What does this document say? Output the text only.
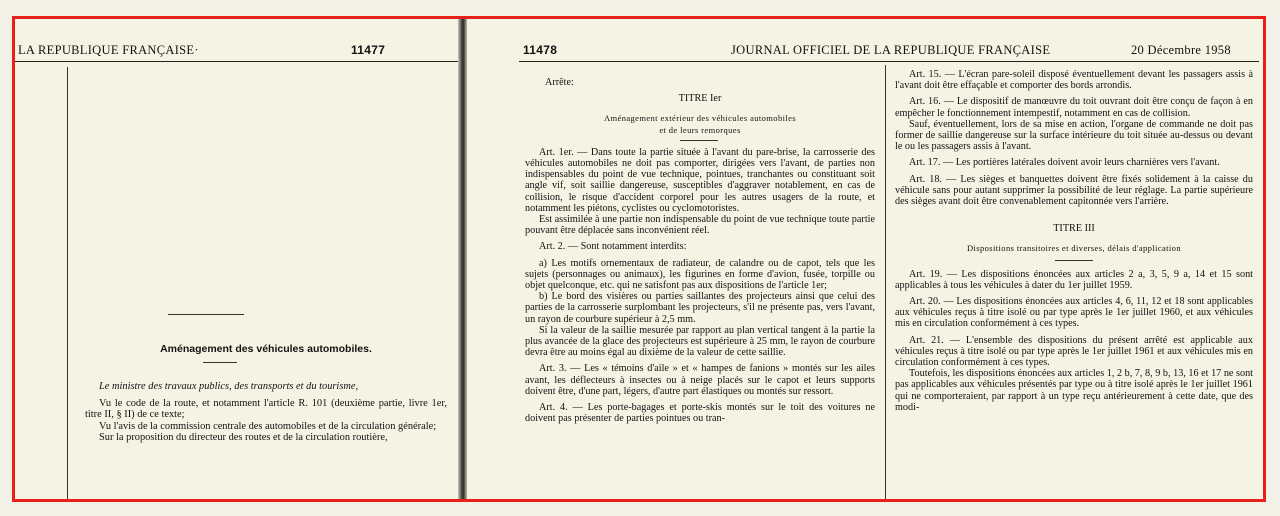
LA REPUBLIQUE FRANÇAISE·	11477
Aménagement des véhicules automobiles.

Le ministre des travaux publics, des transports et du tourisme,

Vu le code de la route, et notamment l'article R. 101 (deuxième partie, livre 1er, titre II, § II) de ce texte;

Vu l'avis de la commission centrale des automobiles et de la circulation générale;

Sur la proposition du directeur des routes et de la circulation routière,

11478	JOURNAL OFFICIEL DE LA REPUBLIQUE FRANÇAISE	20 Décembre 1958
Arrête:
TITRE Ier
Aménagement extérieur des véhicules automobiles
et de leurs remorques

Art. 1er. — Dans toute la partie située à l'avant du pare-brise, la carrosserie des véhicules automobiles ne doit pas comporter, dirigées vers l'avant, de parties non indispensables du point de vue technique, pointues, tranchantes ou constituant soit angle vif, soit saillie dangereuse, susceptibles d'aggraver notablement, en cas de collision, le risque d'accident corporel pour les autres usagers de la route, et notamment les piétons, cyclistes ou cyclomotoristes.

Est assimilée à une partie non indispensable du point de vue technique toute partie pouvant être déplacée sans inconvénient réel.

Art. 2. — Sont notamment interdits:

a) Les motifs ornementaux de radiateur, de calandre ou de capot, tels que les sujets (personnages ou animaux), les figurines en forme d'avion, fusée, torpille ou objet quelconque, etc. qui ne satisfont pas aux dispositions de l'article 1er;

b) Le bord des visières ou parties saillantes des projecteurs ainsi que celui des parties de la carrosserie surplombant les projecteurs, s'il ne présente pas, vers l'avant, un rayon de courbure supérieur à 2,5 mm.

Si la valeur de la saillie mesurée par rapport au plan vertical tangent à la partie la plus avancée de la glace des projecteurs est supérieure à 25 mm, le rayon de courbure devra être au moins égal au dixième de la valeur de cette saillie.

Art. 3. — Les « témoins d'aile » et « hampes de fanions » montés sur les ailes avant, les déflecteurs à insectes ou à neige placés sur le capot et leurs supports doivent être, d'une part, légers, d'autre part élastiques ou montés sur ressort.

Art. 4. — Les porte-bagages et porte-skis montés sur le toit des voitures ne doivent pas présenter de parties pointues ou tran-

Art. 15. — L'écran pare-soleil disposé éventuellement devant les passagers assis à l'avant doit être effaçable et comporter des bords arrondis.

Art. 16. — Le dispositif de manœuvre du toit ouvrant doit être conçu de façon à en empêcher le fonctionnement intempestif, notamment en cas de collision.

Sauf, éventuellement, lors de sa mise en action, l'organe de commande ne doit pas former de saillie dangereuse sur la surface intérieure du toit située au-dessus ou devant le ou les passagers assis à l'avant.

Art. 17. — Les portières latérales doivent avoir leurs charnières vers l'avant.

Art. 18. — Les sièges et banquettes doivent être fixés solidement à la caisse du véhicule sans pour autant supprimer la possibilité de leur réglage. La partie supérieure des sièges avant doit être convenablement capitonnée vers l'arrière.

TITRE III
Dispositions transitoires et diverses, délais d'application

Art. 19. — Les dispositions énoncées aux articles 2 a, 3, 5, 9 a, 14 et 15 sont applicables à tous les véhicules à dater du 1er juillet 1959.

Art. 20. — Les dispositions énoncées aux articles 4, 6, 11, 12 et 18 sont applicables aux véhicules reçus à titre isolé ou par type après le 1er juillet 1960, et aux véhicules mis en circulation conformément à ces types.

Art. 21. — L'ensemble des dispositions du présent arrêté est applicable aux véhicules reçus à titre isolé ou par type après le 1er juillet 1961 et aux véhicules mis en circulation conformément à ces types.

Toutefois, les dispositions énoncées aux articles 1, 2 b, 7, 8, 9 b, 13, 16 et 17 ne sont pas applicables aux véhicules présentés par type ou à titre isolé après le 1er juillet 1961 qui ne comporteraient, par rapport à un type reçu antérieurement à cette date, que des modi-
